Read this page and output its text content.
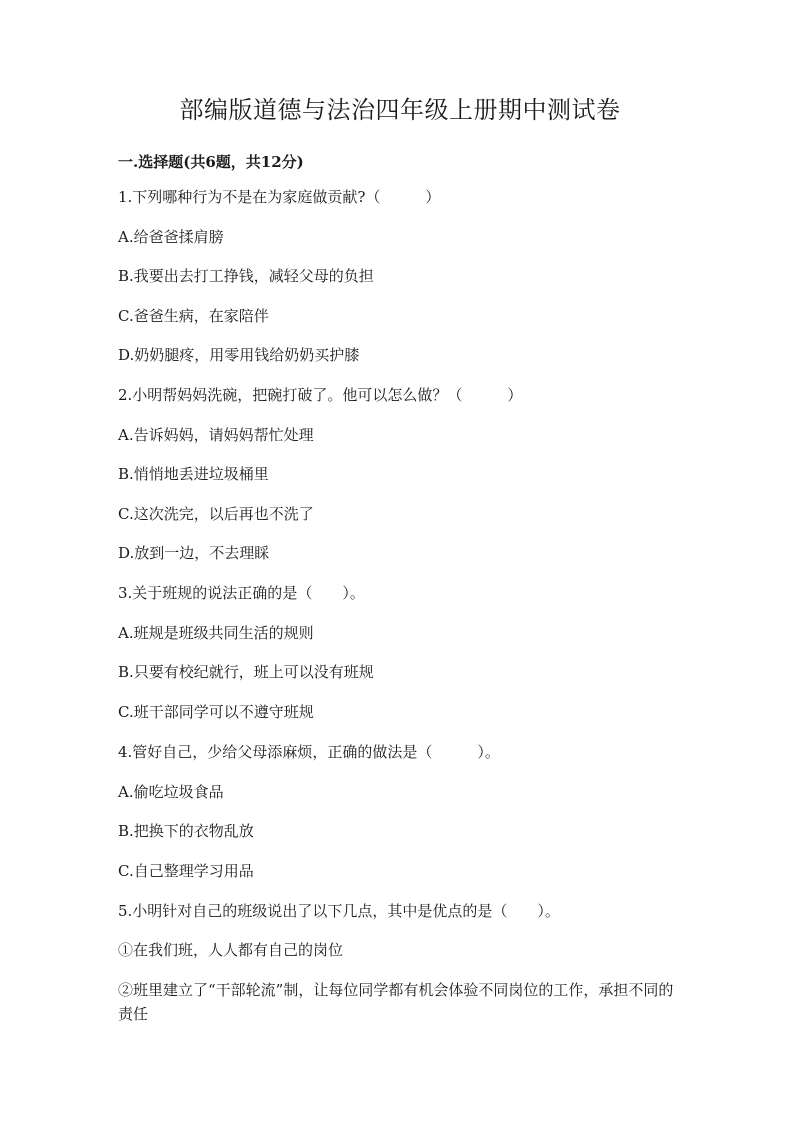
部编版道德与法治四年级上册期中测试卷
一.选择题(共6题，共12分)
1.下列哪种行为不是在为家庭做贡献?（　　　）
A.给爸爸揉肩膀
B.我要出去打工挣钱，减轻父母的负担
C.爸爸生病，在家陪伴
D.奶奶腿疼，用零用钱给奶奶买护膝
2.小明帮妈妈洗碗，把碗打破了。他可以怎么做？（　　　）
A.告诉妈妈，请妈妈帮忙处理
B.悄悄地丢进垃圾桶里
C.这次洗完，以后再也不洗了
D.放到一边，不去理睬
3.关于班规的说法正确的是（　　）。
A.班规是班级共同生活的规则
B.只要有校纪就行，班上可以没有班规
C.班干部同学可以不遵守班规
4.管好自己，少给父母添麻烦，正确的做法是（　　　）。
A.偷吃垃圾食品
B.把换下的衣物乱放
C.自己整理学习用品
5.小明针对自己的班级说出了以下几点，其中是优点的是（　　）。
①在我们班，人人都有自己的岗位
②班里建立了“干部轮流”制，让每位同学都有机会体验不同岗位的工作，承担不同的责任
